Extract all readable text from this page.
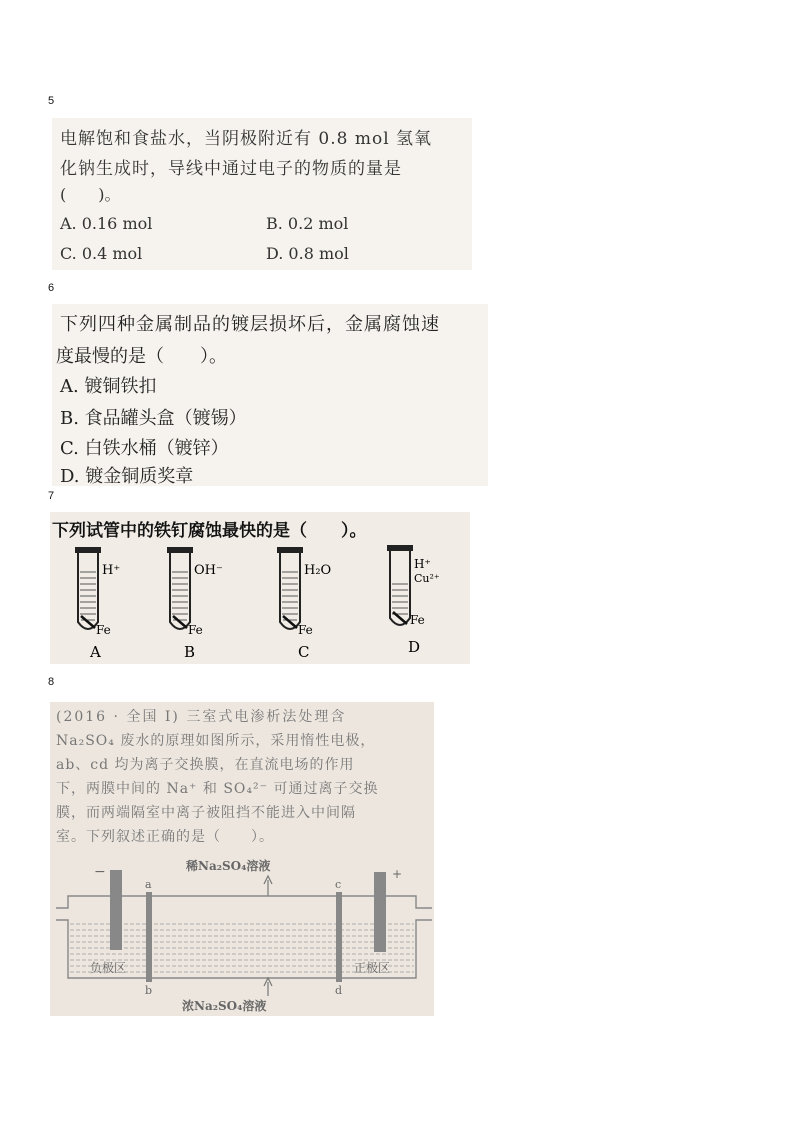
5
电解饱和食盐水，当阴极附近有 0.8 mol 氢氧
化钠生成时，导线中通过电子的物质的量是
(　　)。
A. 0.16 mol	B. 0.2 mol
C. 0.4 mol	D. 0.8 mol
6
下列四种金属制品的镀层损坏后，金属腐蚀速
度最慢的是（　　）。
A. 镀铜铁扣
B. 食品罐头盒（镀锡）
C. 白铁水桶（镀锌）
D. 镀金铜质奖章
7
下列试管中的铁钉腐蚀最快的是（　　）。
H⁺
Fe
A
OH⁻
Fe
B
H₂O
Fe
C
H⁺
Cu²⁺
Fe
D
8
(2016 · 全国 Ⅰ) 三室式电渗析法处理含
Na₂SO₄ 废水的原理如图所示，采用惰性电极，
ab、cd 均为离子交换膜，在直流电场的作用
下，两膜中间的 Na⁺ 和 SO₄²⁻ 可通过离子交换
膜，而两端隔室中离子被阻挡不能进入中间隔
室。下列叙述正确的是（　　）。
稀Na₂SO₄溶液
−	+
a
b
c
d
负极区	正极区
浓Na₂SO₄溶液
